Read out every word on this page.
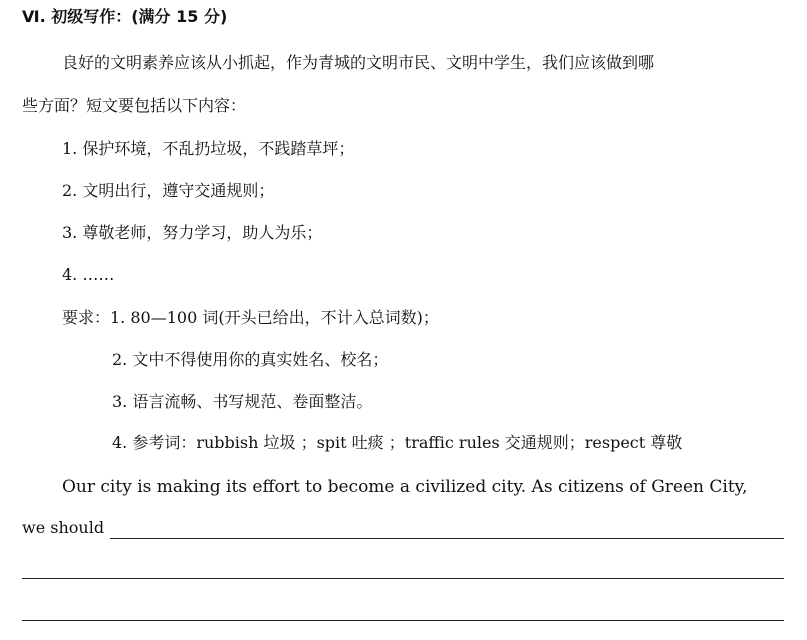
Ⅵ. 初级写作：(满分 15 分)
良好的文明素养应该从小抓起，作为青城的文明市民、文明中学生，我们应该做到哪
些方面？短文要包括以下内容：
1. 保护环境，不乱扔垃圾，不践踏草坪；
2. 文明出行，遵守交通规则；
3. 尊敬老师，努力学习，助人为乐；
4. ……
要求：1. 80—100 词(开头已给出，不计入总词数)；
2. 文中不得使用你的真实姓名、校名；
3. 语言流畅、书写规范、卷面整洁。
4. 参考词：rubbish 垃圾 ；spit 吐痰 ；traffic rules 交通规则；respect 尊敬
Our city is making its effort to become a civilized city. As citizens of Green City,
we should
